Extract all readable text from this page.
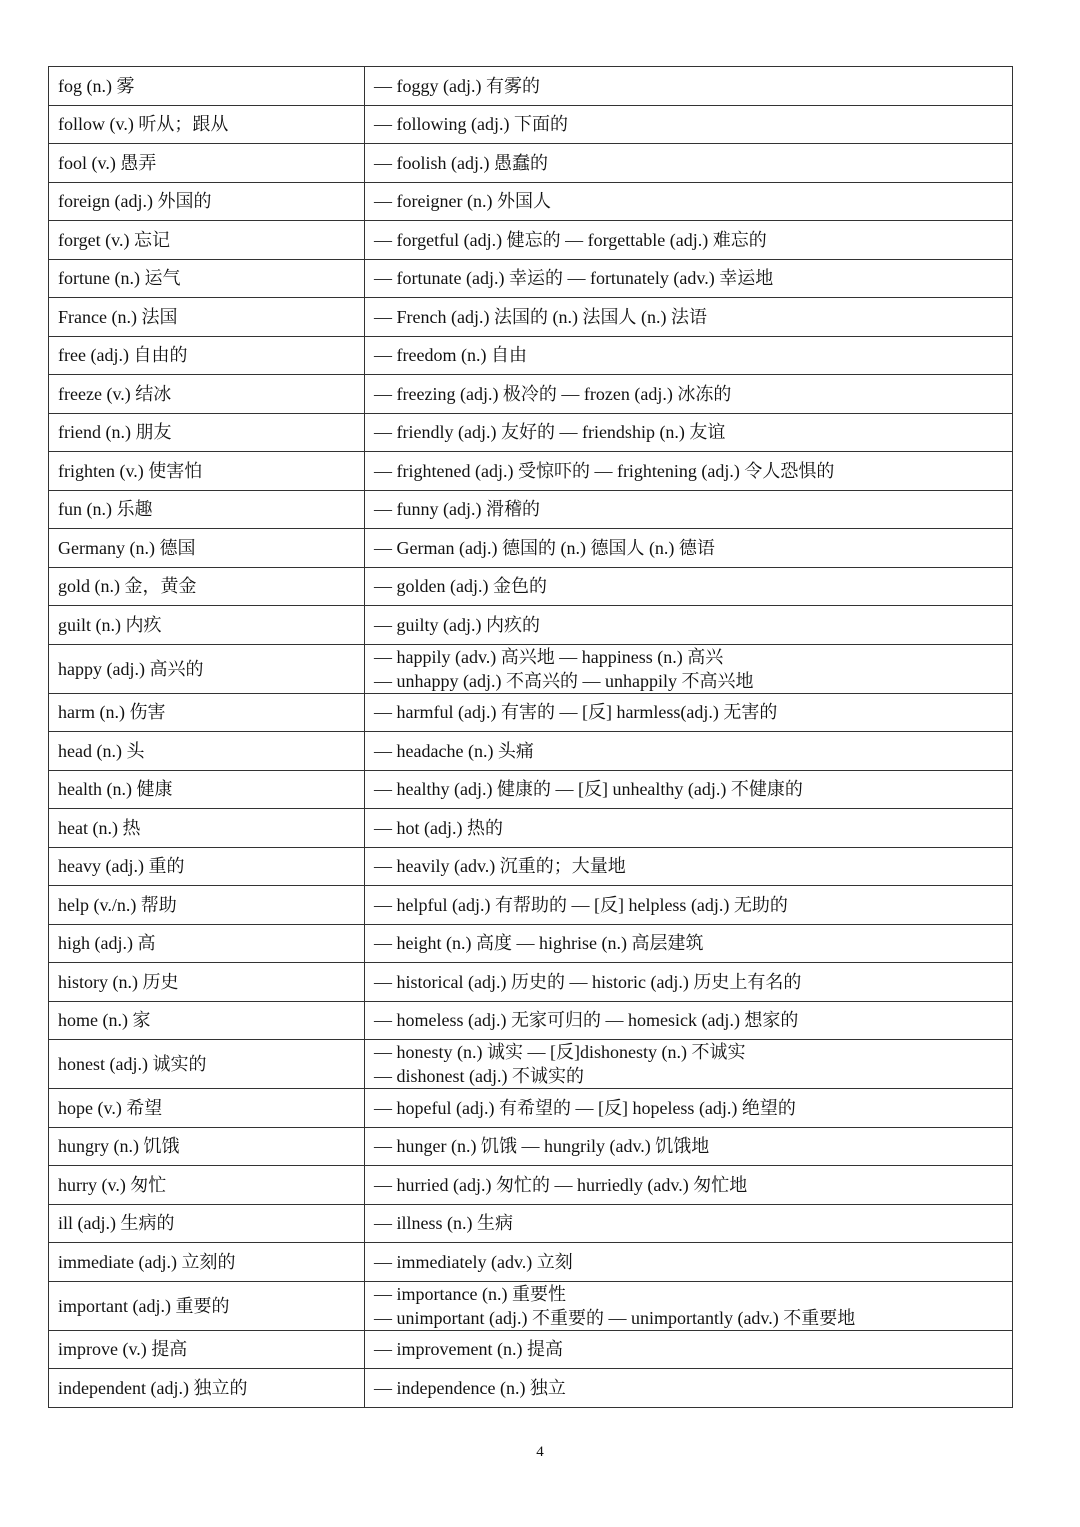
fog (n.) 雾	— foggy (adj.) 有雾的

follow (v.) 听从；跟从	— following (adj.) 下面的

fool (v.) 愚弄	— foolish (adj.) 愚蠢的

foreign (adj.) 外国的	— foreigner (n.) 外国人

forget (v.) 忘记	— forgetful (adj.) 健忘的 — forgettable (adj.) 难忘的

fortune (n.) 运气	— fortunate (adj.) 幸运的 — fortunately (adv.) 幸运地

France (n.) 法国	— French (adj.) 法国的 (n.) 法国人 (n.) 法语

free (adj.) 自由的	— freedom (n.) 自由

freeze (v.) 结冰	— freezing (adj.) 极冷的 — frozen (adj.) 冰冻的

friend (n.) 朋友	— friendly (adj.) 友好的 — friendship (n.) 友谊

frighten (v.) 使害怕	— frightened (adj.) 受惊吓的 — frightening (adj.) 令人恐惧的

fun (n.) 乐趣	— funny (adj.) 滑稽的

Germany (n.) 德国	— German (adj.) 德国的 (n.) 德国人 (n.) 德语

gold (n.) 金，黄金	— golden (adj.) 金色的

guilt (n.) 内疚	— guilty (adj.) 内疚的

happy (adj.) 高兴的	— happily (adv.) 高兴地 — happiness (n.) 高兴
— unhappy (adj.) 不高兴的 — unhappily 不高兴地

harm (n.) 伤害	— harmful (adj.) 有害的 — [反] harmless(adj.) 无害的

head (n.) 头	— headache (n.) 头痛

health (n.) 健康	— healthy (adj.) 健康的 — [反] unhealthy (adj.) 不健康的

heat (n.) 热	— hot (adj.) 热的

heavy (adj.) 重的	— heavily (adv.) 沉重的；大量地

help (v./n.) 帮助	— helpful (adj.) 有帮助的 — [反] helpless (adj.) 无助的

high (adj.) 高	— height (n.) 高度 — highrise (n.) 高层建筑

history (n.) 历史	— historical (adj.) 历史的 — historic (adj.) 历史上有名的

home (n.) 家	— homeless (adj.) 无家可归的 — homesick (adj.) 想家的

honest (adj.) 诚实的	— honesty (n.) 诚实 — [反]dishonesty (n.) 不诚实
— dishonest (adj.) 不诚实的

hope (v.) 希望	— hopeful (adj.) 有希望的 — [反] hopeless (adj.) 绝望的

hungry (n.) 饥饿	— hunger (n.) 饥饿 — hungrily (adv.) 饥饿地

hurry (v.) 匆忙	— hurried (adj.) 匆忙的 — hurriedly (adv.) 匆忙地

ill (adj.) 生病的	— illness (n.) 生病

immediate (adj.) 立刻的	— immediately (adv.) 立刻

important (adj.) 重要的	— importance (n.) 重要性
— unimportant (adj.) 不重要的 — unimportantly (adv.) 不重要地

improve (v.) 提高	— improvement (n.) 提高

independent (adj.) 独立的	— independence (n.) 独立
4
